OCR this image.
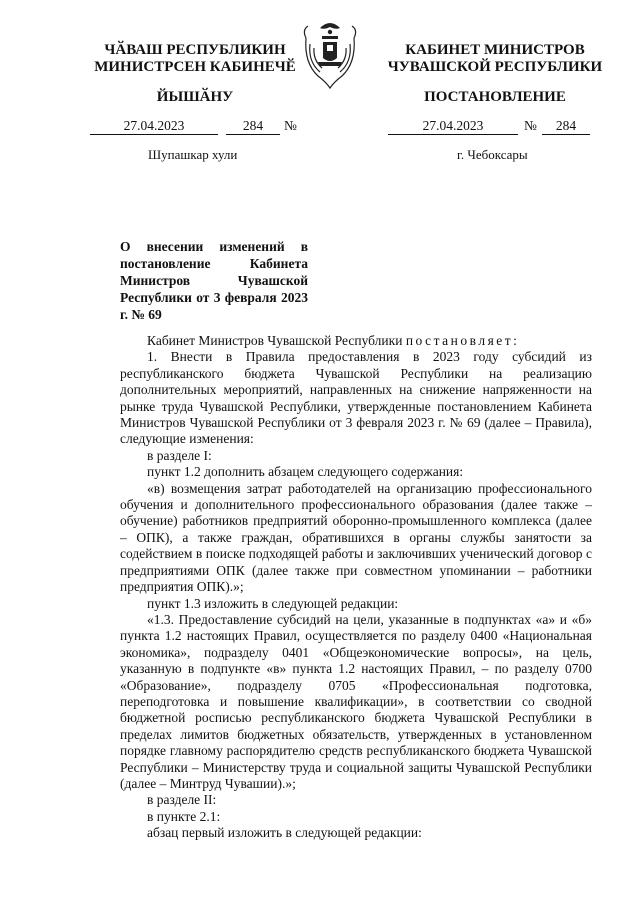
ЧӐВАШ РЕСПУБЛИКИН
МИНИСТРСЕН КАБИНЕЧӖ
ЙЫШӐНУ
КАБИНЕТ МИНИСТРОВ
ЧУВАШСКОЙ РЕСПУБЛИКИ
ПОСТАНОВЛЕНИЕ
27.04.2023	284	№	27.04.2023	№	284
Шупашкар хули	г. Чебоксары
О внесении изменений в постановление Кабинета Министров Чувашской Республики от 3 февраля 2023 г. № 69

Кабинет Министров Чувашской Республики постановляет:

1. Внести в Правила предоставления в 2023 году субсидий из республиканского бюджета Чувашской Республики на реализацию дополнительных мероприятий, направленных на снижение напряженности на рынке труда Чувашской Республики, утвержденные постановлением Кабинета Министров Чувашской Республики от 3 февраля 2023 г. № 69 (далее – Правила), следующие изменения:

в разделе I:

пункт 1.2 дополнить абзацем следующего содержания:

«в) возмещения затрат работодателей на организацию профессионального обучения и дополнительного профессионального образования (далее также – обучение) работников предприятий оборонно-промышленного комплекса (далее – ОПК), а также граждан, обратившихся в органы службы занятости за содействием в поиске подходящей работы и заключивших ученический договор с предприятиями ОПК (далее также при совместном упоминании – работники предприятия ОПК).»;

пункт 1.3 изложить в следующей редакции:

«1.3. Предоставление субсидий на цели, указанные в подпунктах «а» и «б» пункта 1.2 настоящих Правил, осуществляется по разделу 0400 «Национальная экономика», подразделу 0401 «Общеэкономические вопросы», на цель, указанную в подпункте «в» пункта 1.2 настоящих Правил, – по разделу 0700 «Образование», подразделу 0705 «Профессиональная подготовка, переподготовка и повышение квалификации», в соответствии со сводной бюджетной росписью республиканского бюджета Чувашской Республики в пределах лимитов бюджетных обязательств, утвержденных в установленном порядке главному распорядителю средств республиканского бюджета Чувашской Республики – Министерству труда и социальной защиты Чувашской Республики (далее – Минтруд Чувашии).»;

в разделе II:

в пункте 2.1:

абзац первый изложить в следующей редакции:
